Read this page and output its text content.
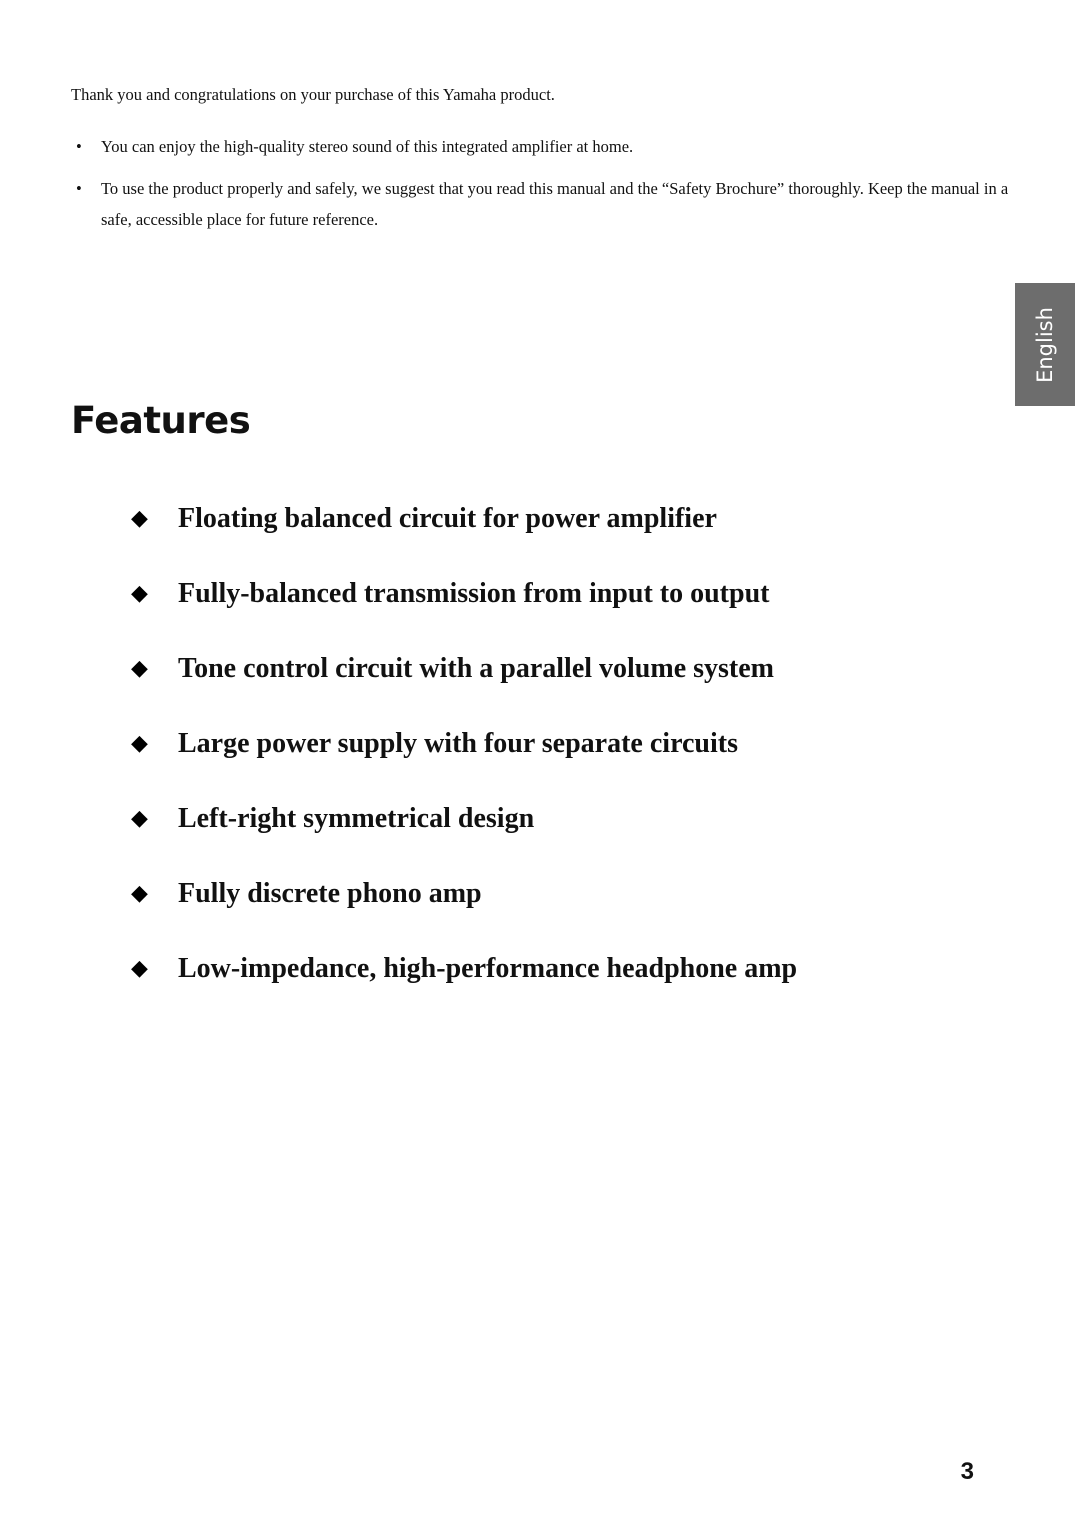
Thank you and congratulations on your purchase of this Yamaha product.
• You can enjoy the high-quality stereo sound of this integrated amplifier at home.
• To use the product properly and safely, we suggest that you read this manual and the “Safety Brochure” thoroughly. Keep the manual in a safe, accessible place for future reference.
English
Features
◆	Floating balanced circuit for power amplifier
◆	Fully-balanced transmission from input to output
◆	Tone control circuit with a parallel volume system
◆	Large power supply with four separate circuits
◆	Left-right symmetrical design
◆	Fully discrete phono amp
◆	Low-impedance, high-performance headphone amp
3
